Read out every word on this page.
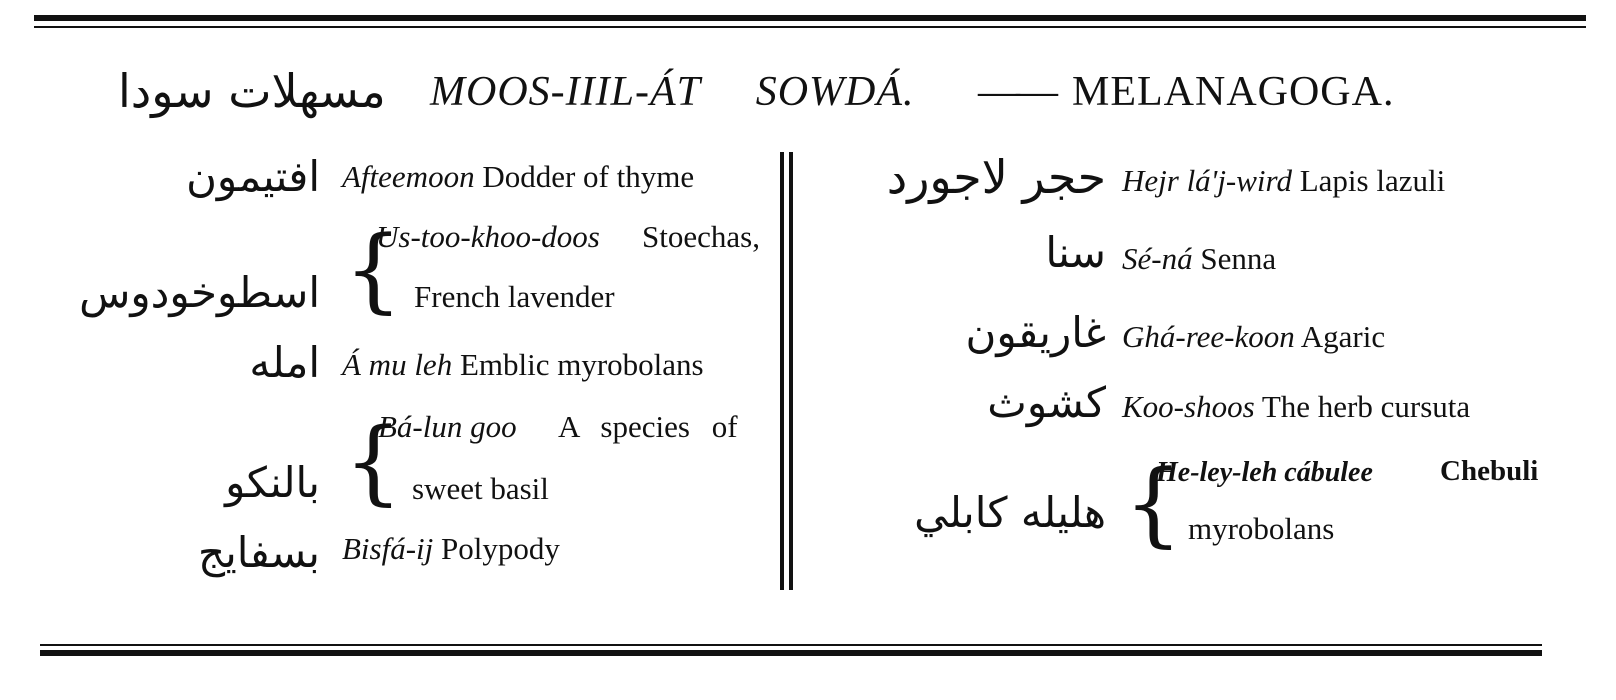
مسهلات سودا MOOS-IIIL-ÁT SOWDÁ. —— MELANAGOGA.
افتيمون Afteemoon Dodder of thyme
اسطوخودوس {
Us-too-khoo-doos Stoechas,
French lavender
امله Á mu leh Emblic myrobolans
بالنكو {
Bá-lun goo A species of
sweet basil
بسفايج Bisfá-ij Polypody
حجر لاجورد Hejr lá'j-wird Lapis lazuli
سنا Sé-ná Senna
غاريقون Ghá-ree-koon Agaric
كشوث Koo-shoos The herb cursuta
هليله كابلي {
He-ley-leh cábulee Chebuli
myrobolans
